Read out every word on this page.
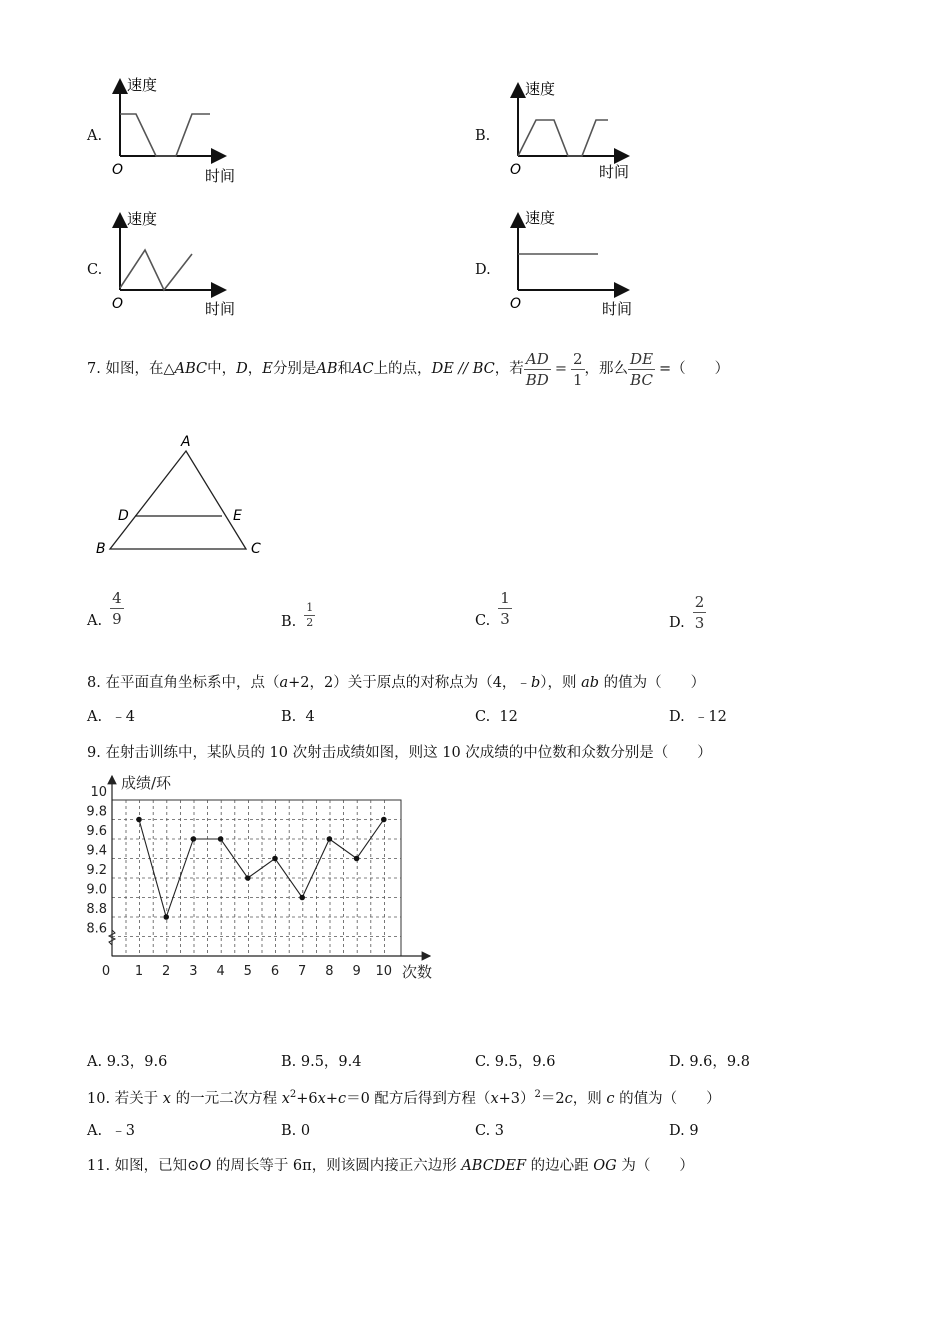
A.
速度
时间
O
B.
速度
时间
O
C.
速度
时间
O
D.
速度
时间
O
7. 如图，在△ ABC 中， D ， E 分别是 AB 和 AC 上的点， DE // BC ，若 $\frac{AD}{BD} = \frac{2}{1}$ ，那么 $\frac{DE}{BC}$ =（　　）
A
B	C
D	E
A. $\frac{4}{9}$	B. $\frac{1}{2}$	C. $\frac{1}{3}$	D. $\frac{2}{3}$
8. 在平面直角坐标系中，点（a+2，2）关于原点的对称点为（4，﹣b），则 ab 的值为（　　）
A. ﹣4	B. 4	C. 12	D. ﹣12
9. 在射击训练中，某队员的 10 次射击成绩如图，则这 10 次成绩的中位数和众数分别是（　　）
10
9.8
9.6
9.4
9.2
9.0
8.8
8.6
1 2 3 4 5 6 7 8 9 10
0
成绩/环
次数
A. 9.3，9.6	B. 9.5，9.4	C. 9.5，9.6	D. 9.6，9.8
10. 若关于 x 的一元二次方程 $x^2+6x+c=0$ 配方后得到方程$(x+3)^2=2c$，则 c 的值为（　　）
A. ﹣3	B. 0	C. 3	D. 9
11. 如图，已知⊙O 的周长等于 6π，则该圆内接正六边形 ABCDEF 的边心距 OG 为（　　）
